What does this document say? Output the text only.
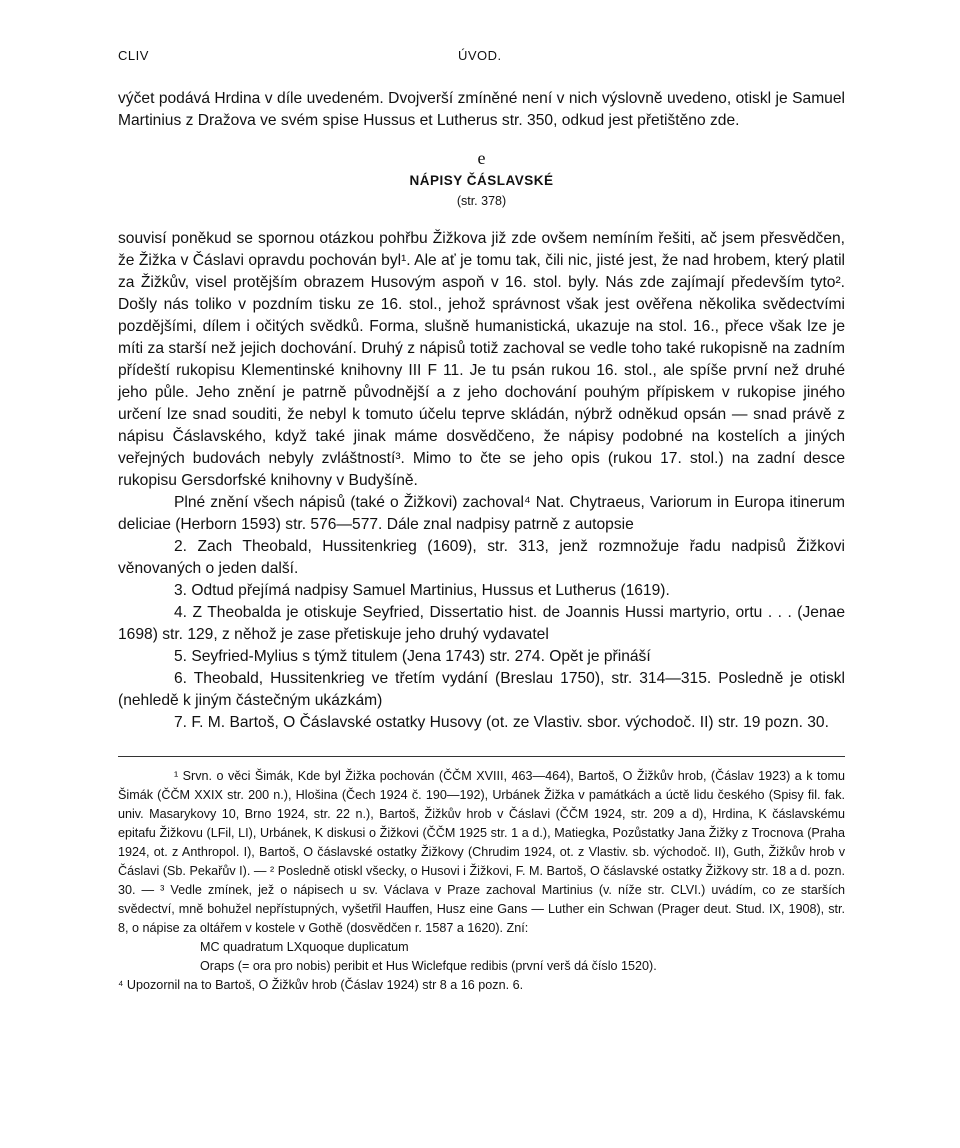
CLIV	ÚVOD.

výčet podává Hrdina v díle uvedeném. Dvojverší zmíněné není v nich výslovně uvedeno, otiskl je Samuel Martinius z Dražova ve svém spise Hussus et Lutherus str. 350, odkud jest přetištěno zde.

e
NÁPISY ČÁSLAVSKÉ
(str. 378)

souvisí poněkud se spornou otázkou pohřbu Žižkova již zde ovšem nemíním řešiti, ač jsem přesvědčen, že Žižka v Čáslavi opravdu pochován byl¹. Ale ať je tomu tak, čili nic, jisté jest, že nad hrobem, který platil za Žižkův, visel protějším obrazem Husovým aspoň v 16. stol. byly. Nás zde zajímají především tyto². Došly nás toliko v pozdním tisku ze 16. stol., jehož správnost však jest ověřena několika svědectvími pozdějšími, dílem i očitých svědků. Forma, slušně humanistická, ukazuje na stol. 16., přece však lze je míti za starší než jejich dochování. Druhý z nápisů totiž zachoval se vedle toho také rukopisně na zadním přídeští rukopisu Klementinské knihovny III F 11. Je tu psán rukou 16. stol., ale spíše první než druhé jeho půle. Jeho znění je patrně původnější a z jeho dochování pouhým přípiskem v rukopise jiného určení lze snad souditi, že nebyl k tomuto účelu teprve skládán, nýbrž odněkud opsán — snad právě z nápisu Čáslavského, když také jinak máme dosvědčeno, že nápisy podobné na kostelích a jiných veřejných budovách nebyly zvláštností³. Mimo to čte se jeho opis (rukou 17. stol.) na zadní desce rukopisu Gersdorfské knihovny v Budyšíně.

Plné znění všech nápisů (také o Žižkovi) zachoval⁴ Nat. Chytraeus, Variorum in Europa itinerum deliciae (Herborn 1593) str. 576—577. Dále znal nadpisy patrně z autopsie

2. Zach Theobald, Hussitenkrieg (1609), str. 313, jenž rozmnožuje řadu nadpisů Žižkovi věnovaných o jeden další.

3. Odtud přejímá nadpisy Samuel Martinius, Hussus et Lutherus (1619).

4. Z Theobalda je otiskuje Seyfried, Dissertatio hist. de Joannis Hussi martyrio, ortu . . . (Jenae 1698) str. 129, z něhož je zase přetiskuje jeho druhý vydavatel

5. Seyfried-Mylius s týmž titulem (Jena 1743) str. 274. Opět je přináší

6. Theobald, Hussitenkrieg ve třetím vydání (Breslau 1750), str. 314—315. Posledně je otiskl (nehledě k jiným částečným ukázkám)

7. F. M. Bartoš, O Čáslavské ostatky Husovy (ot. ze Vlastiv. sbor. východoč. II) str. 19 pozn. 30.

¹ Srvn. o věci Šimák, Kde byl Žižka pochován (ČČM XVIII, 463—464), Bartoš, O Žižkův hrob, (Čáslav 1923) a k tomu Šimák (ČČM XXIX str. 200 n.), Hlošina (Čech 1924 č. 190—192), Urbánek Žižka v památkách a úctě lidu českého (Spisy fil. fak. univ. Masarykovy 10, Brno 1924, str. 22 n.), Bartoš, Žižkův hrob v Čáslavi (ČČM 1924, str. 209 a d), Hrdina, K čáslavskému epitafu Žižkovu (LFil, LI), Urbánek, K diskusi o Žižkovi (ČČM 1925 str. 1 a d.), Matiegka, Pozůstatky Jana Žižky z Trocnova (Praha 1924, ot. z Anthropol. I), Bartoš, O čáslavské ostatky Žižkovy (Chrudim 1924, ot. z Vlastiv. sb. východoč. II), Guth, Žižkův hrob v Čáslavi (Sb. Pekařův I). — ² Posledně otiskl všecky, o Husovi i Žižkovi, F. M. Bartoš, O čáslavské ostatky Žižkovy str. 18 a d. pozn. 30. — ³ Vedle zmínek, jež o nápisech u sv. Václava v Praze zachoval Martinius (v. níže str. CLVI.) uvádím, co ze starších svědectví, mně bohužel nepřístupných, vyšetřil Hauffen, Husz eine Gans — Luther ein Schwan (Prager deut. Stud. IX, 1908), str. 8, o nápise za oltářem v kostele v Gothě (dosvědčen r. 1587 a 1620). Zní:

MC quadratum LXquoque duplicatum

Oraps (= ora pro nobis) peribit et Hus Wiclefque redibis (první verš dá číslo 1520).

⁴ Upozornil na to Bartoš, O Žižkův hrob (Čáslav 1924) str 8 a 16 pozn. 6.
